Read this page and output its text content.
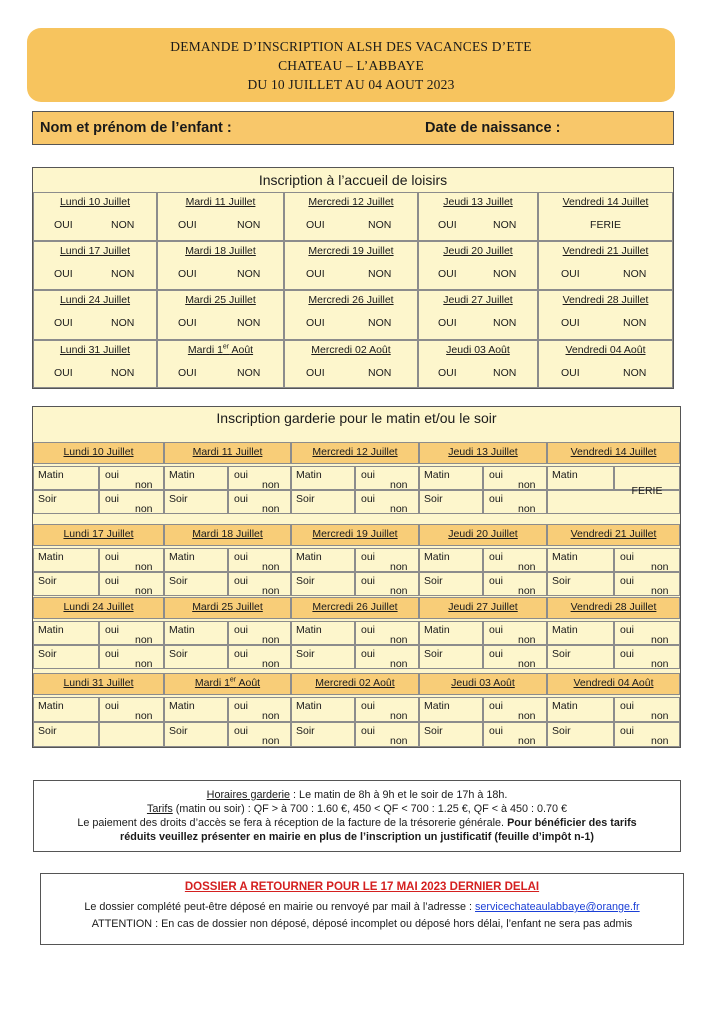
DEMANDE D’INSCRIPTION ALSH DES VACANCES D’ETE
CHATEAU – L’ABBAYE
DU 10 JUILLET AU 04 AOUT 2023
Nom et prénom de l’enfant :	Date de naissance :
Inscription à l’accueil de loisirs
Lundi 10 Juillet
OUI	NON
Mardi 11 Juillet
OUI	NON
Mercredi 12 Juillet
OUI	NON
Jeudi 13 Juillet
OUI	NON
Vendredi 14 Juillet
FERIE
Lundi 17 Juillet
OUI	NON
Mardi 18 Juillet
OUI	NON
Mercredi 19 Juillet
OUI	NON
Jeudi 20 Juillet
OUI	NON
Vendredi 21 Juillet
OUI	NON
Lundi 24 Juillet
OUI	NON
Mardi 25 Juillet
OUI	NON
Mercredi 26 Juillet
OUI	NON
Jeudi 27 Juillet
OUI	NON
Vendredi 28 Juillet
OUI	NON
Lundi 31 Juillet
OUI	NON
Mardi 1er Août
OUI	NON
Mercredi 02 Août
OUI	NON
Jeudi 03 Août
OUI	NON
Vendredi 04 Août
OUI	NON
Inscription garderie pour le matin et/ou le soir
Lundi 10 Juillet
Matin	oui
non
Soir	oui
non
Mardi 11 Juillet
Matin	oui
non
Soir	oui
non
Mercredi 12 Juillet
Matin	oui
non
Soir	oui
non
Jeudi 13 Juillet
Matin	oui
non
Soir	oui
non
Vendredi 14 Juillet
Matin
FERIE
Lundi 17 Juillet
Matin	oui
non
Soir	oui
non
Mardi 18 Juillet
Matin	oui
non
Soir	oui
non
Mercredi 19 Juillet
Matin	oui
non
Soir	oui
non
Jeudi 20 Juillet
Matin	oui
non
Soir	oui
non
Vendredi 21 Juillet
Matin	oui
non
Soir	oui
non
Lundi 24 Juillet
Matin	oui
non
Soir	oui
non
Mardi 25 Juillet
Matin	oui
non
Soir	oui
non
Mercredi 26 Juillet
Matin	oui
non
Soir	oui
non
Jeudi 27 Juillet
Matin	oui
non
Soir	oui
non
Vendredi 28 Juillet
Matin	oui
non
Soir	oui
non
Lundi 31 Juillet
Matin	oui
non
Soir
Mardi 1er Août
Matin	oui
non
Soir	oui
non
Mercredi 02 Août
Matin	oui
non
Soir	oui
non
Jeudi 03 Août
Matin	oui
non
Soir	oui
non
Vendredi 04 Août
Matin	oui
non
Soir	oui
non
Horaires garderie : Le matin de 8h à 9h et le soir de 17h à 18h.
Tarifs (matin ou soir) : QF > à 700 : 1.60 €, 450 < QF < 700 : 1.25 €, QF < à 450 : 0.70 €
Le paiement des droits d’accès se fera à réception de la facture de la trésorerie générale. Pour bénéficier des tarifs
réduits veuillez présenter en mairie en plus de l’inscription un justificatif (feuille d’impôt n-1)
DOSSIER A RETOURNER POUR LE 17 MAI 2023 DERNIER DELAI
Le dossier complété peut-être déposé en mairie ou renvoyé par mail à l’adresse : servicechateaulabbaye@orange.fr
ATTENTION : En cas de dossier non déposé, déposé incomplet ou déposé hors délai, l’enfant ne sera pas admis
